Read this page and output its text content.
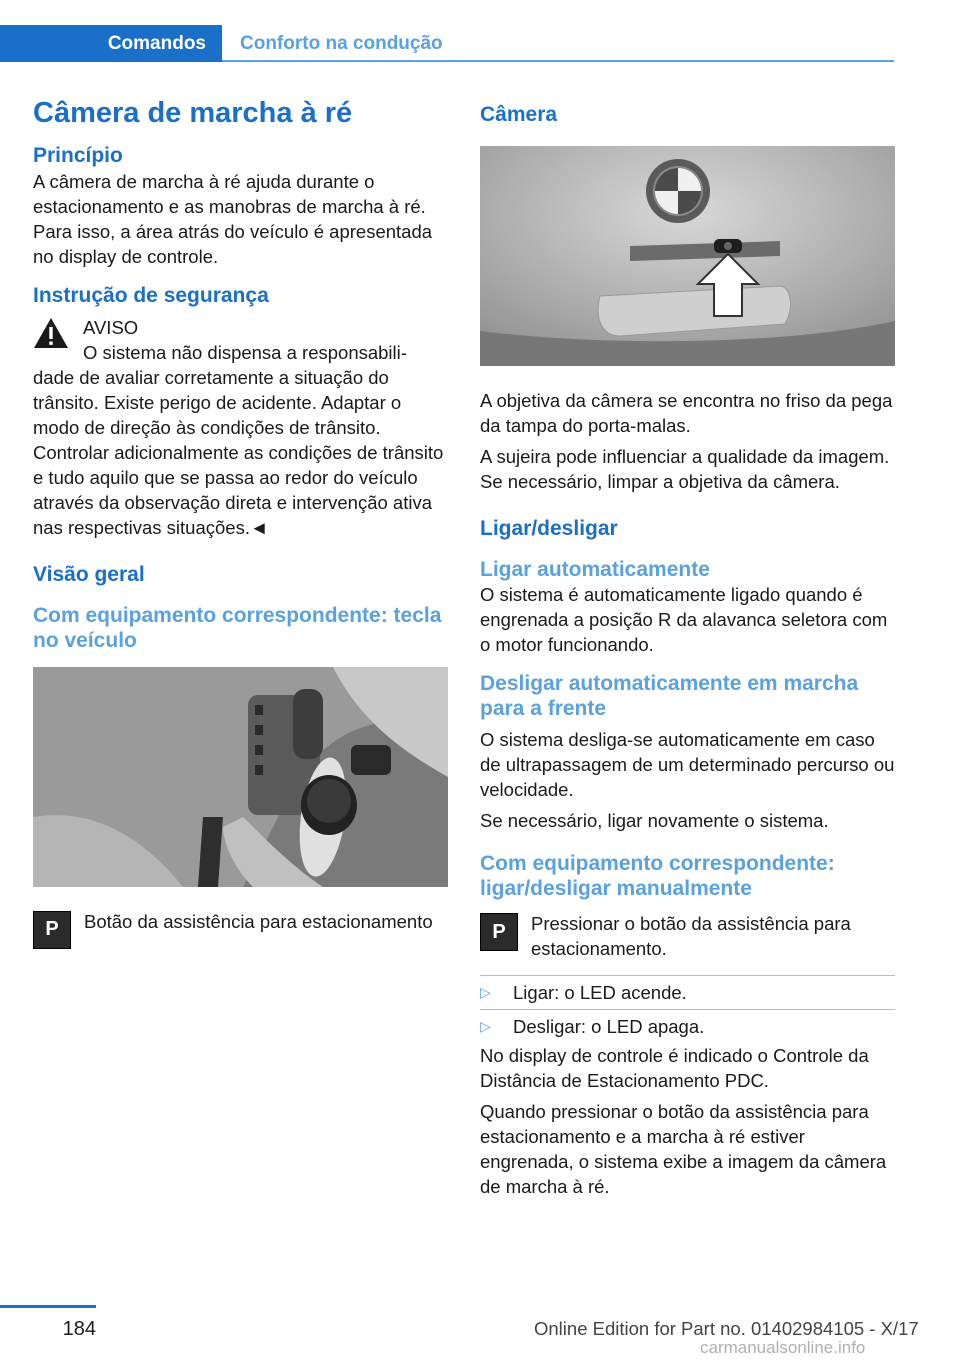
Comandos	Conforto na condução
Câmera de marcha à ré
Princípio

A câmera de marcha à ré ajuda durante o estacionamento e as manobras de marcha à ré. Para isso, a área atrás do veículo é apresentada no display de controle.

Instrução de segurança

AVISO

O sistema não dispensa a responsabili-

dade de avaliar corretamente a situação do trânsito. Existe perigo de acidente. Adaptar o modo de direção às condições de trânsito. Controlar adicionalmente as condições de trânsito e tudo aquilo que se passa ao redor do veículo através da observação direta e intervenção ativa nas respectivas situações.◄

Visão geral
Com equipamento correspondente: tecla no veículo
P	Botão da assistência para estacionamento

Câmera

A objetiva da câmera se encontra no friso da pega da tampa do porta-malas.

A sujeira pode influenciar a qualidade da imagem. Se necessário, limpar a objetiva da câmera.

Ligar/desligar
Ligar automaticamente

O sistema é automaticamente ligado quando é engrenada a posição R da alavanca seletora com o motor funcionando.

Desligar automaticamente em marcha para a frente

O sistema desliga-se automaticamente em caso de ultrapassagem de um determinado percurso ou velocidade.

Se necessário, ligar novamente o sistema.

Com equipamento correspondente: ligar/desligar manualmente
P	Pressionar o botão da assistência para estacionamento.

▷	Ligar: o LED acende.
▷	Desligar: o LED apaga.

No display de controle é indicado o Controle da Distância de Estacionamento PDC.

Quando pressionar o botão da assistência para estacionamento e a marcha à ré estiver engrenada, o sistema exibe a imagem da câmera de marcha à ré.

184	Online Edition for Part no. 01402984105 - X/17
carmanualsonline.info
